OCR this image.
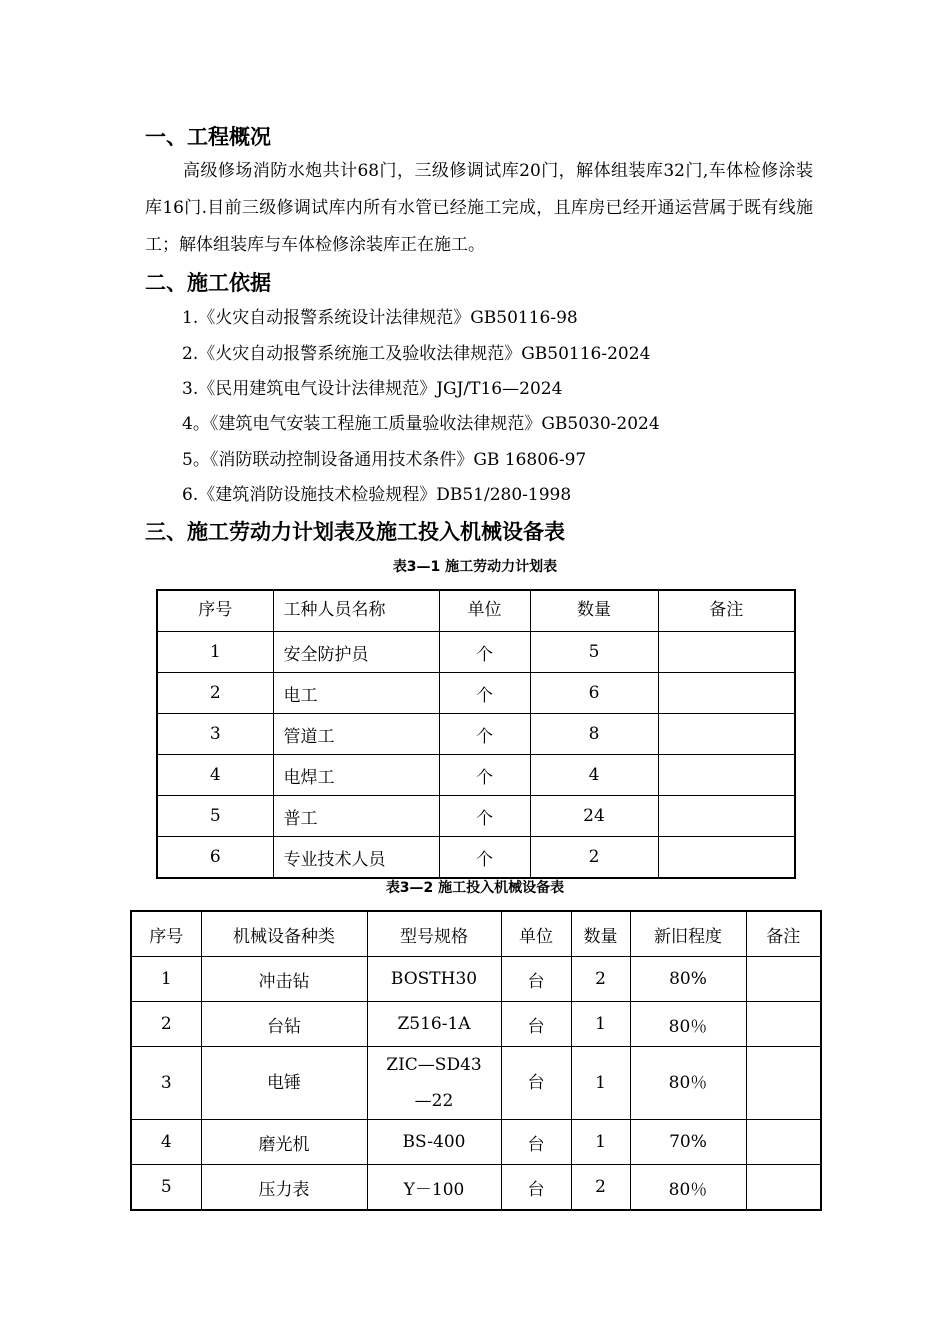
一、工程概况
高级修场消防水炮共计68门，三级修调试库20门，解体组装库32门,车体检修涂装库16门.目前三级修调试库内所有水管已经施工完成，且库房已经开通运营属于既有线施工；解体组装库与车体检修涂装库正在施工。
二、施工依据
1.《火灾自动报警系统设计法律规范》GB50116-98
2.《火灾自动报警系统施工及验收法律规范》GB50116-2024
3.《民用建筑电气设计法律规范》JGJ/T16—2024
4。《建筑电气安装工程施工质量验收法律规范》GB5030-2024
5。《消防联动控制设备通用技术条件》GB 16806-97
6.《建筑消防设施技术检验规程》DB51/280-1998
三、施工劳动力计划表及施工投入机械设备表
表3—1 施工劳动力计划表
序号	工种人员名称	单位	数量	备注
1	安全防护员	个	5	
2	电工	个	6	
3	管道工	个	8	
4	电焊工	个	4	
5	普工	个	24	
6	专业技术人员	个	2	
表3—2 施工投入机械设备表
序号	机械设备种类	型号规格	单位	数量	新旧程度	备注
1	冲击钻	BOSTH30	台	2	80%	
2	台钻	Z516-1A	台	1	80％	
3	电锤	ZIC—SD43—22	台	1	80％	
4	磨光机	BS-400	台	1	70%	
5	压力表	Y－100	台	2	80％	
